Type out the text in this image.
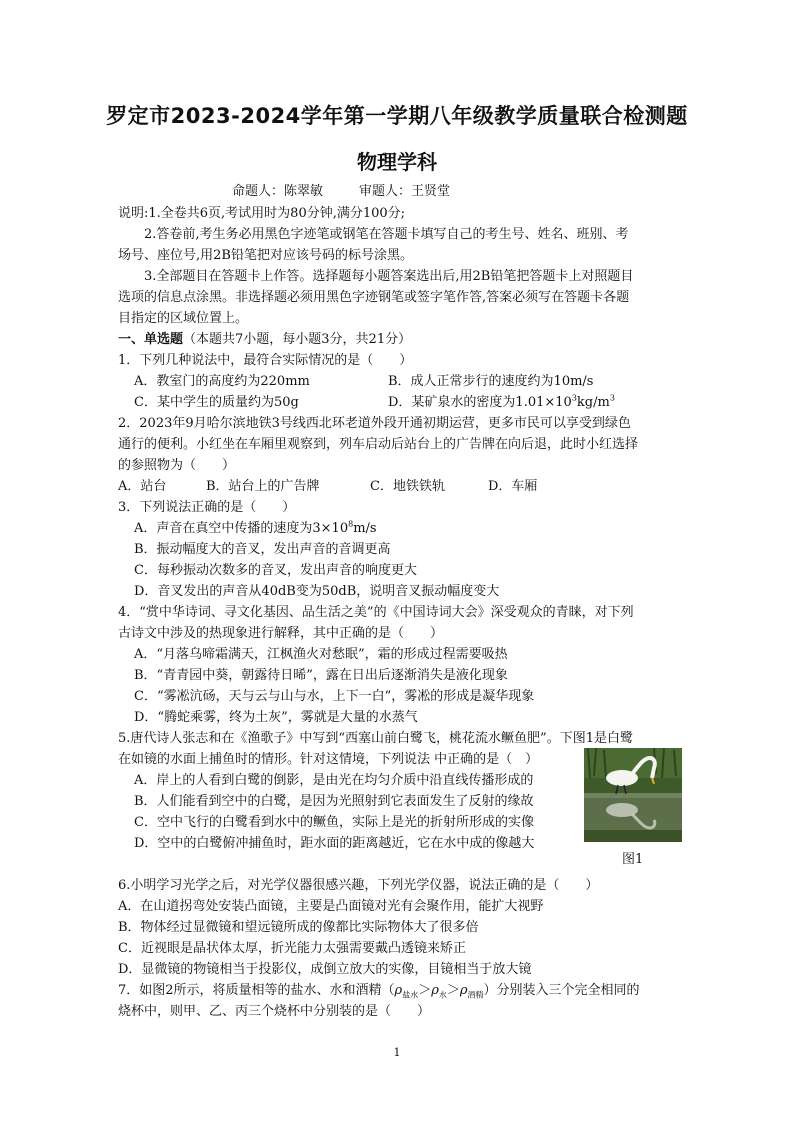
罗定市2023-2024学年第一学期八年级教学质量联合检测题
物理学科
命题人：陈翠敏	审题人：王贤堂
说明:1.全卷共6页,考试用时为80分钟,满分100分;
2.答卷前,考生务必用黑色字迹笔或钢笔在答题卡填写自己的考生号、姓名、班别、考
场号、座位号,用2B铅笔把对应该号码的标号涂黑。
3.全部题目在答题卡上作答。选择题每小题答案选出后,用2B铅笔把答题卡上对照题目
选项的信息点涂黑。非选择题必须用黑色字迹钢笔或签字笔作答,答案必须写在答题卡各题
目指定的区域位置上。
一、单选题（本题共7小题，每小题3分，共21分）
1．下列几种说法中，最符合实际情况的是（　　）
A．教室门的高度约为220mm	B．成人正常步行的速度约为10m/s
C．某中学生的质量约为50g	D．某矿泉水的密度为$1.01\times 10^3kg/m^3$
2．2023年9月哈尔滨地铁3号线西北环老道外段开通初期运营，更多市民可以享受到绿色
通行的便利。小红坐在车厢里观察到，列车启动后站台上的广告牌在向后退，此时小红选择
的参照物为（　　）
A．站台	B．站台上的广告牌	C．地铁铁轨	D．车厢
3．下列说法正确的是（　　）
A．声音在真空中传播的速度为$3\times 10^8m/s$
B．振动幅度大的音叉，发出声音的音调更高
C．每秒振动次数多的音叉，发出声音的响度更大
D．音叉发出的声音从40dB变为50dB，说明音叉振动幅度变大
4．“赏中华诗词、寻文化基因、品生活之美”的《中国诗词大会》深受观众的青睐，对下列
古诗文中涉及的热现象进行解释，其中正确的是（　　）
A．“月落乌啼霜满天，江枫渔火对愁眠”，霜的形成过程需要吸热
B．“青青园中葵，朝露待日晞”，露在日出后逐渐消失是液化现象
C．“雾凇沆砀，天与云与山与水，上下一白”，雾凇的形成是凝华现象
D．“腾蛇乘雾，终为土灰”，雾就是大量的水蒸气
5.唐代诗人张志和在《渔歌子》中写到“西塞山前白鹭飞，桃花流水鳜鱼肥”。下图1是白鹭
在如镜的水面上捕鱼时的情形。针对这情境，下列说法 中正确的是（　）
A．岸上的人看到白鹭的倒影，是由光在均匀介质中沿直线传播形成的
B．人们能看到空中的白鹭，是因为光照射到它表面发生了反射的缘故
C．空中飞行的白鹭看到水中的鳜鱼，实际上是光的折射所形成的实像
D．空中的白鹭俯冲捕鱼时，距水面的距离越近，它在水中成的像越大
6.小明学习光学之后，对光学仪器很感兴趣，下列光学仪器，说法正确的是（　　）
A．在山道拐弯处安装凸面镜，主要是凸面镜对光有会聚作用，能扩大视野
B．物体经过显微镜和望远镜所成的像都比实际物体大了很多倍
C．近视眼是晶状体太厚，折光能力太强需要戴凸透镜来矫正
D．显微镜的物镜相当于投影仪，成倒立放大的实像，目镜相当于放大镜
7．如图2所示，将质量相等的盐水、水和酒精$(\rho_{盐水}>\rho_水>\rho_{酒精})$分别装入三个完全相同的
烧杯中，则甲、乙、丙三个烧杯中分别装的是（　　）
图1
1
